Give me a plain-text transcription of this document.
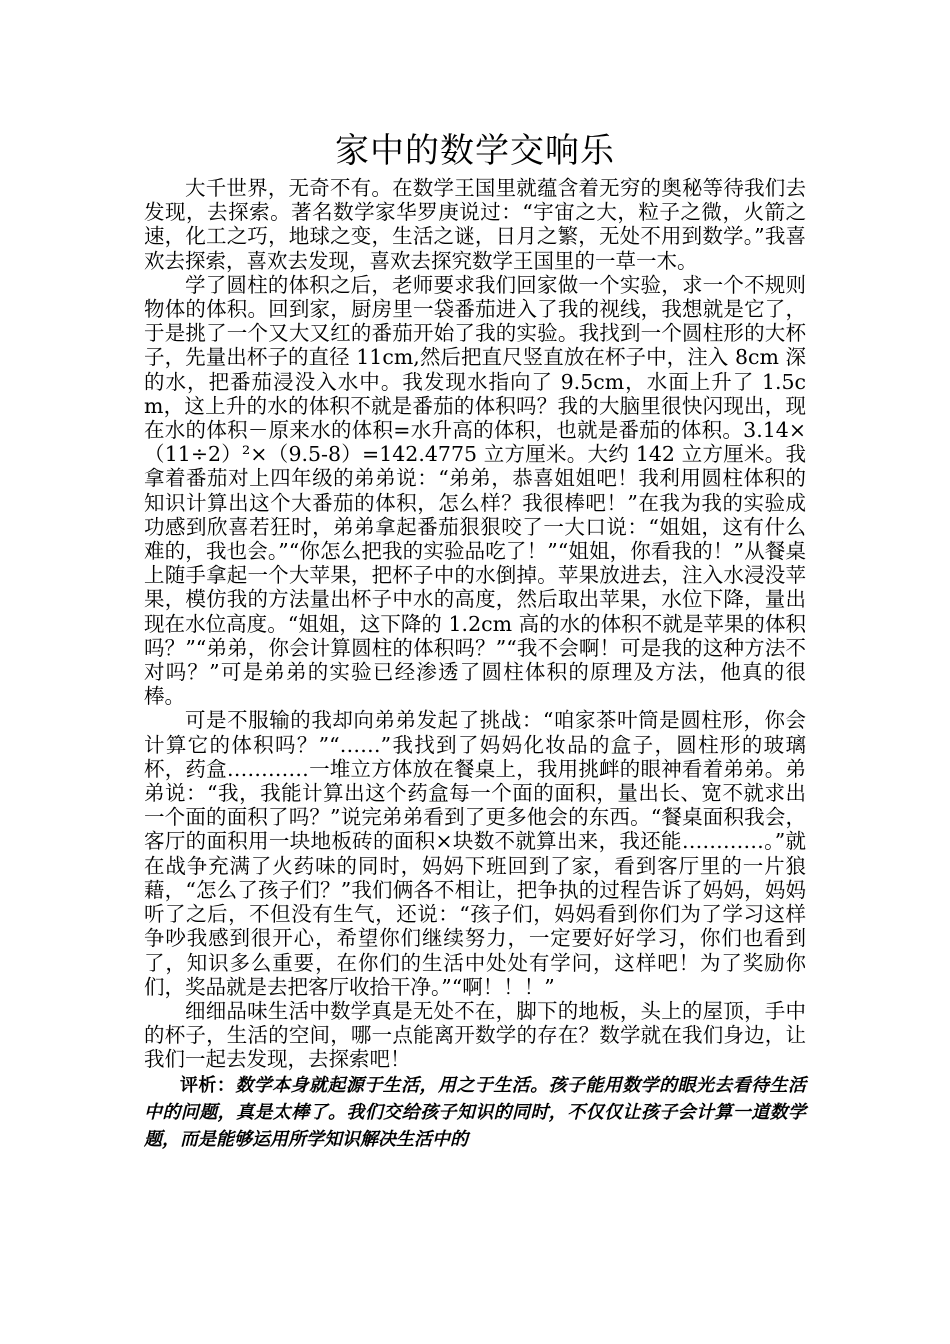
家中的数学交响乐

大千世界，无奇不有。在数学王国里就蕴含着无穷的奥秘等待我们去发现，去探索。著名数学家华罗庚说过：“宇宙之大，粒子之微，火箭之速，化工之巧，地球之变，生活之谜，日月之繁，无处不用到数学。”我喜欢去探索，喜欢去发现，喜欢去探究数学王国里的一草一木。

学了圆柱的体积之后，老师要求我们回家做一个实验，求一个不规则物体的体积。回到家，厨房里一袋番茄进入了我的视线，我想就是它了，于是挑了一个又大又红的番茄开始了我的实验。我找到一个圆柱形的大杯子，先量出杯子的直径 11cm,然后把直尺竖直放在杯子中，注入 8cm 深的水，把番茄浸没入水中。我发现水指向了 9.5cm，水面上升了 1.5cm，这上升的水的体积不就是番茄的体积吗？我的大脑里很快闪现出，现在水的体积－原来水的体积=水升高的体积，也就是番茄的体积。3.14×（11÷2）²×（9.5-8）=142.4775 立方厘米。大约 142 立方厘米。我拿着番茄对上四年级的弟弟说：“弟弟，恭喜姐姐吧！我利用圆柱体积的知识计算出这个大番茄的体积，怎么样？我很棒吧！”在我为我的实验成功感到欣喜若狂时，弟弟拿起番茄狠狠咬了一大口说：“姐姐，这有什么难的，我也会。”“你怎么把我的实验品吃了！”“姐姐，你看我的！”从餐桌上随手拿起一个大苹果，把杯子中的水倒掉。苹果放进去，注入水浸没苹果，模仿我的方法量出杯子中水的高度，然后取出苹果，水位下降，量出现在水位高度。“姐姐，这下降的 1.2cm 高的水的体积不就是苹果的体积吗？”“弟弟，你会计算圆柱的体积吗？”“我不会啊！可是我的这种方法不对吗？”可是弟弟的实验已经渗透了圆柱体积的原理及方法，他真的很棒。

可是不服输的我却向弟弟发起了挑战：“咱家茶叶筒是圆柱形，你会计算它的体积吗？”“……”我找到了妈妈化妆品的盒子，圆柱形的玻璃杯，药盒…………一堆立方体放在餐桌上，我用挑衅的眼神看着弟弟。弟弟说：“我，我能计算出这个药盒每一个面的面积，量出长、宽不就求出一个面的面积了吗？”说完弟弟看到了更多他会的东西。“餐桌面积我会，客厅的面积用一块地板砖的面积×块数不就算出来，我还能…………。”就在战争充满了火药味的同时，妈妈下班回到了家，看到客厅里的一片狼藉，“怎么了孩子们？”我们俩各不相让，把争执的过程告诉了妈妈，妈妈听了之后，不但没有生气，还说：“孩子们，妈妈看到你们为了学习这样争吵我感到很开心，希望你们继续努力，一定要好好学习，你们也看到了，知识多么重要，在你们的生活中处处有学问，这样吧！为了奖励你们，奖品就是去把客厅收拾干净。”“啊！！！”

细细品味生活中数学真是无处不在，脚下的地板，头上的屋顶，手中的杯子，生活的空间，哪一点能离开数学的存在？数学就在我们身边，让我们一起去发现，去探索吧！

评析：数学本身就起源于生活，用之于生活。孩子能用数学的眼光去看待生活中的问题，真是太棒了。我们交给孩子知识的同时，不仅仅让孩子会计算一道数学题，而是能够运用所学知识解决生活中的
